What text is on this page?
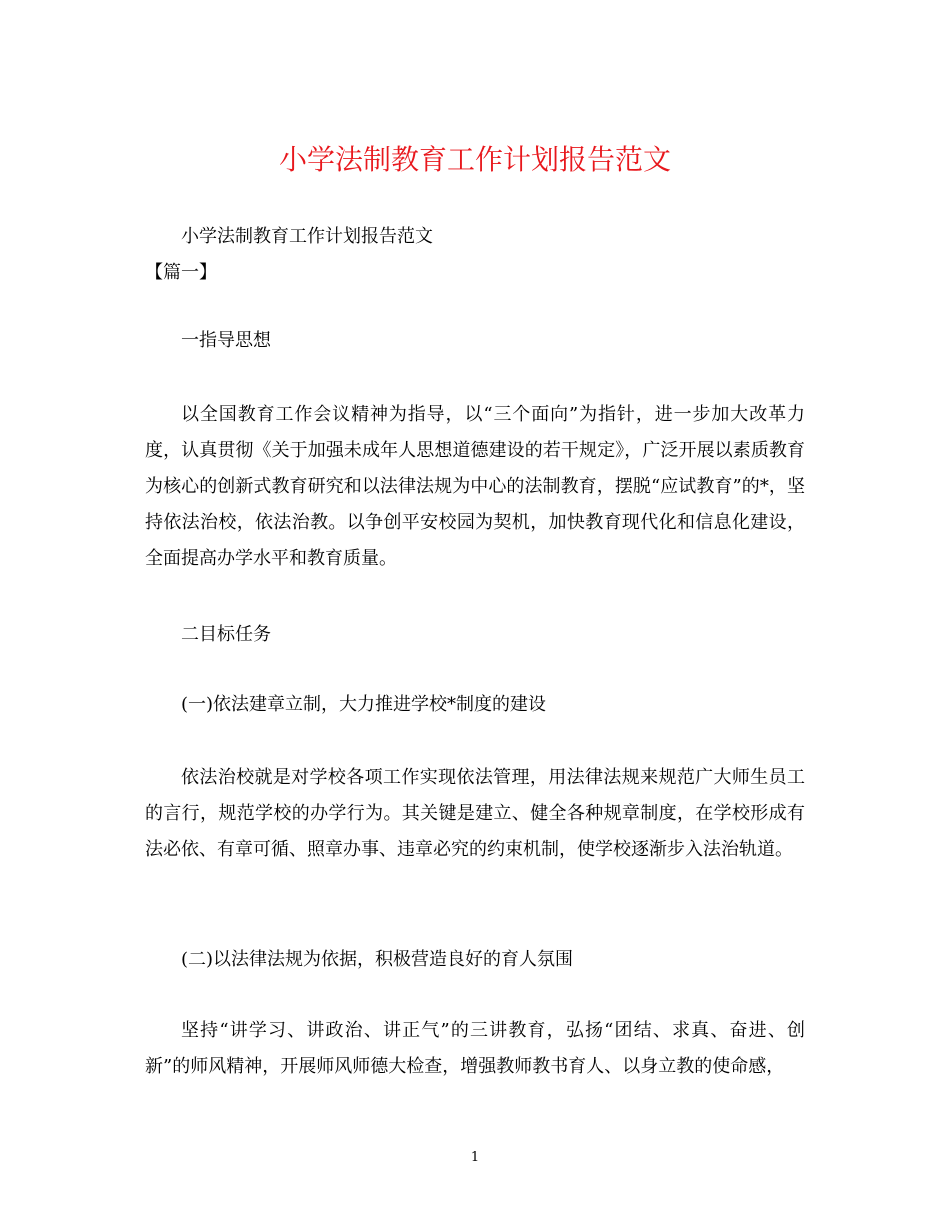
小学法制教育工作计划报告范文

小学法制教育工作计划报告范文

【篇一】

一指导思想

以全国教育工作会议精神为指导，以“三个面向”为指针，进一步加大改革力度，认真贯彻《关于加强未成年人思想道德建设的若干规定》，广泛开展以素质教育为核心的创新式教育研究和以法律法规为中心的法制教育，摆脱“应试教育”的*，坚持依法治校，依法治教。以争创平安校园为契机，加快教育现代化和信息化建设，全面提高办学水平和教育质量。

二目标任务

(一)依法建章立制，大力推进学校*制度的建设

依法治校就是对学校各项工作实现依法管理，用法律法规来规范广大师生员工的言行，规范学校的办学行为。其关键是建立、健全各种规章制度，在学校形成有法必依、有章可循、照章办事、违章必究的约束机制，使学校逐渐步入法治轨道。

(二)以法律法规为依据，积极营造良好的育人氛围

坚持“讲学习、讲政治、讲正气”的三讲教育，弘扬“团结、求真、奋进、创新”的师风精神，开展师风师德大检查，增强教师教书育人、以身立教的使命感，

1
